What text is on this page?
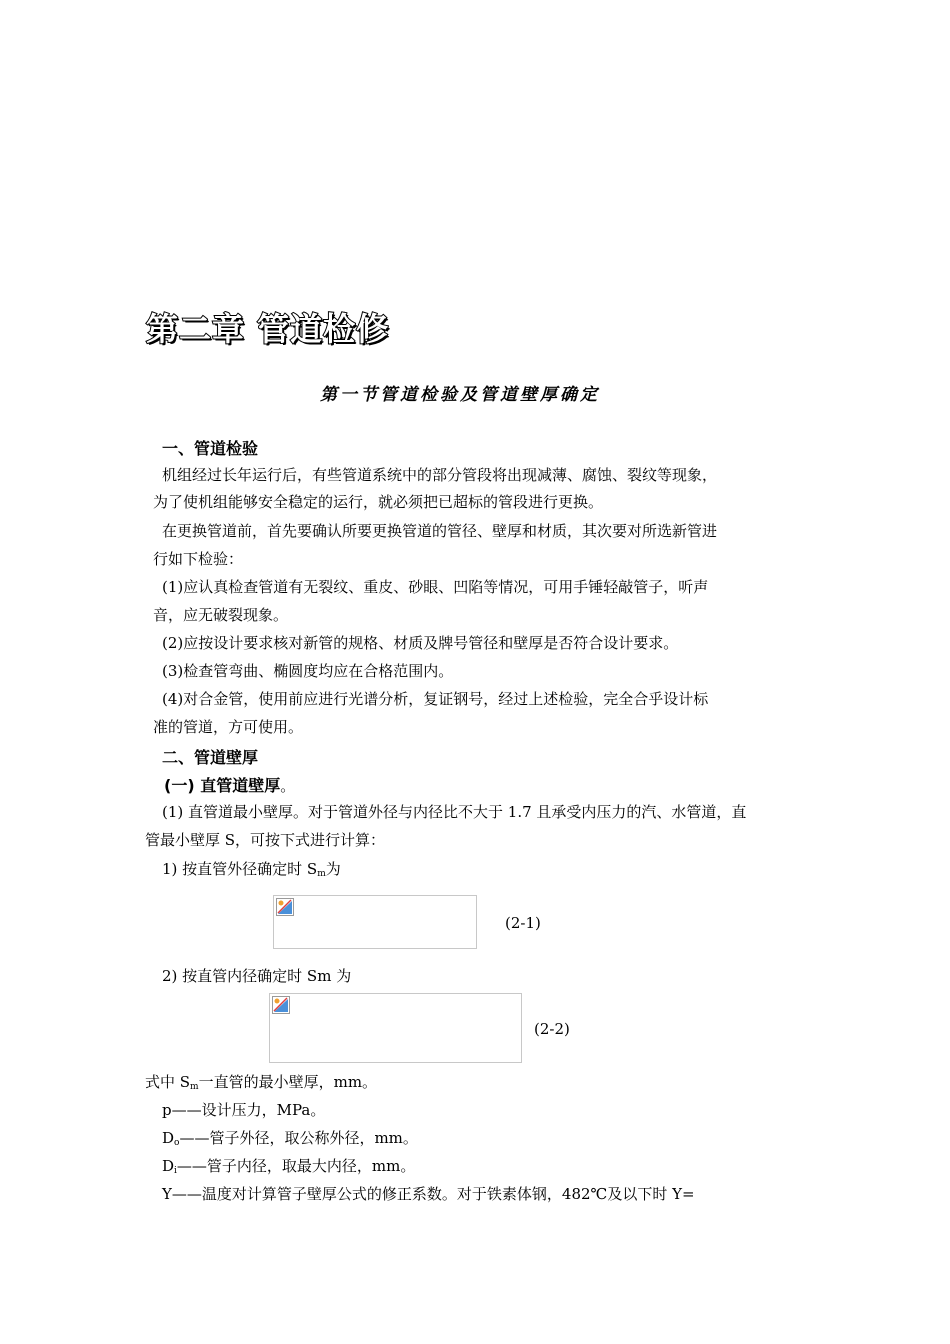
第二章 管道检修
第一节管道检验及管道壁厚确定
一、管道检验
机组经过长年运行后，有些管道系统中的部分管段将出现减薄、腐蚀、裂纹等现象，
为了使机组能够安全稳定的运行，就必须把已超标的管段进行更换。
在更换管道前，首先要确认所要更换管道的管径、壁厚和材质，其次要对所选新管进
行如下检验：
(1)应认真检查管道有无裂纹、重皮、砂眼、凹陷等情况，可用手锤轻敲管子，听声
音，应无破裂现象。
(2)应按设计要求核对新管的规格、材质及牌号管径和壁厚是否符合设计要求。
(3)检查管弯曲、椭圆度均应在合格范围内。
(4)对合金管，使用前应进行光谱分析，复证钢号，经过上述检验，完全合乎设计标
准的管道，方可使用。
二、管道壁厚
(一) 直管道壁厚。
(1) 直管道最小壁厚。对于管道外径与内径比不大于 1.7 且承受内压力的汽、水管道，直
管最小壁厚 S，可按下式进行计算：
1) 按直管外径确定时 $S_m$为
(2-1)
2) 按直管内径确定时 Sm 为
(2-2)
式中 $S_m$一直管的最小壁厚，mm。
p——设计压力，MPa。
$D_o——$管子外径，取公称外径，mm。
$D_i——$管子内径，取最大内径，mm。
Y——温度对计算管子壁厚公式的修正系数。对于铁素体钢，482℃及以下时 Y=
